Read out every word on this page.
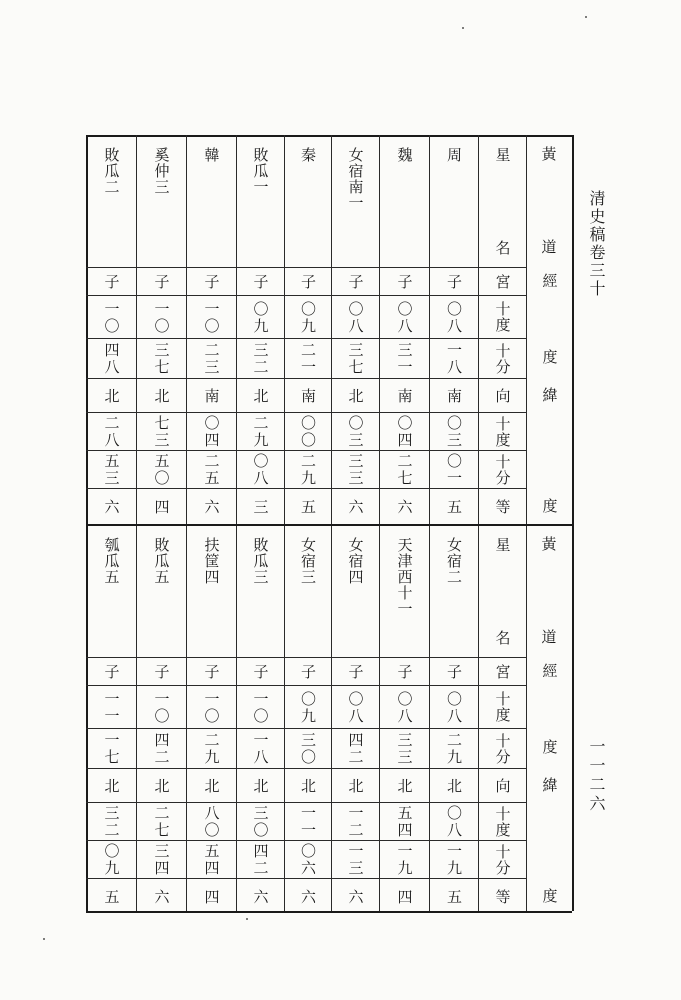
清史稿卷三十
一一二六
周
魏
女宿南一
秦
敗瓜一
韓
奚仲三
敗瓜二
子
子
子
子
子
子
子
子
〇八
〇八
〇八
〇九
〇九
一〇
一〇
一〇
一八
三一
三七
二一
三二
二三
三七
四八
南
南
北
南
北
南
北
北
〇三
〇四
〇三
〇〇
二九
〇四
七三
二八
〇一
二七
三三
二九
〇八
二五
五〇
五三
五
六
六
五
三
六
四
六
星
名
宮
十度
十分
向
十度
十分
等
黃
道
經
度
緯
度
女宿二
天津西十一
女宿四
女宿三
敗瓜三
扶筐四
敗瓜五
瓠瓜五
子
子
子
子
子
子
子
子
〇八
〇八
〇八
〇九
一〇
一〇
一〇
一一
二九
三三
四二
三〇
一八
二九
四二
一七
北
北
北
北
北
北
北
北
〇八
五四
一二
一一
三〇
八〇
二七
三二
一九
一九
一三
〇六
四二
五四
三四
〇九
五
四
六
六
六
四
六
五
星
名
宮
十度
十分
向
十度
十分
等
黃
道
經
度
緯
度
